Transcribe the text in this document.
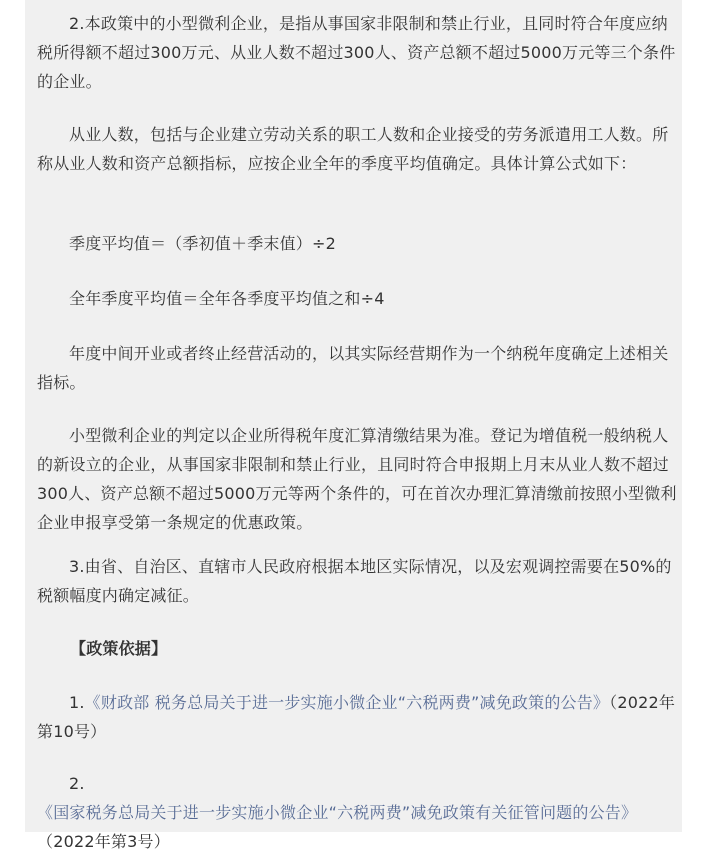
2.本政策中的小型微利企业，是指从事国家非限制和禁止行业，且同时符合年度应纳税所得额不超过300万元、从业人数不超过300人、资产总额不超过5000万元等三个条件的企业。
从业人数，包括与企业建立劳动关系的职工人数和企业接受的劳务派遣用工人数。所称从业人数和资产总额指标，应按企业全年的季度平均值确定。具体计算公式如下：
季度平均值＝（季初值＋季末值）÷2
全年季度平均值＝全年各季度平均值之和÷4
年度中间开业或者终止经营活动的，以其实际经营期作为一个纳税年度确定上述相关指标。
小型微利企业的判定以企业所得税年度汇算清缴结果为准。登记为增值税一般纳税人的新设立的企业，从事国家非限制和禁止行业，且同时符合申报期上月末从业人数不超过300人、资产总额不超过5000万元等两个条件的，可在首次办理汇算清缴前按照小型微利企业申报享受第一条规定的优惠政策。
3.由省、自治区、直辖市人民政府根据本地区实际情况，以及宏观调控需要在50%的税额幅度内确定减征。
【政策依据】
1.《财政部 税务总局关于进一步实施小微企业“六税两费”减免政策的公告》（2022年第10号）
2.《国家税务总局关于进一步实施小微企业“六税两费”减免政策有关征管问题的公告》（2022年第3号）
